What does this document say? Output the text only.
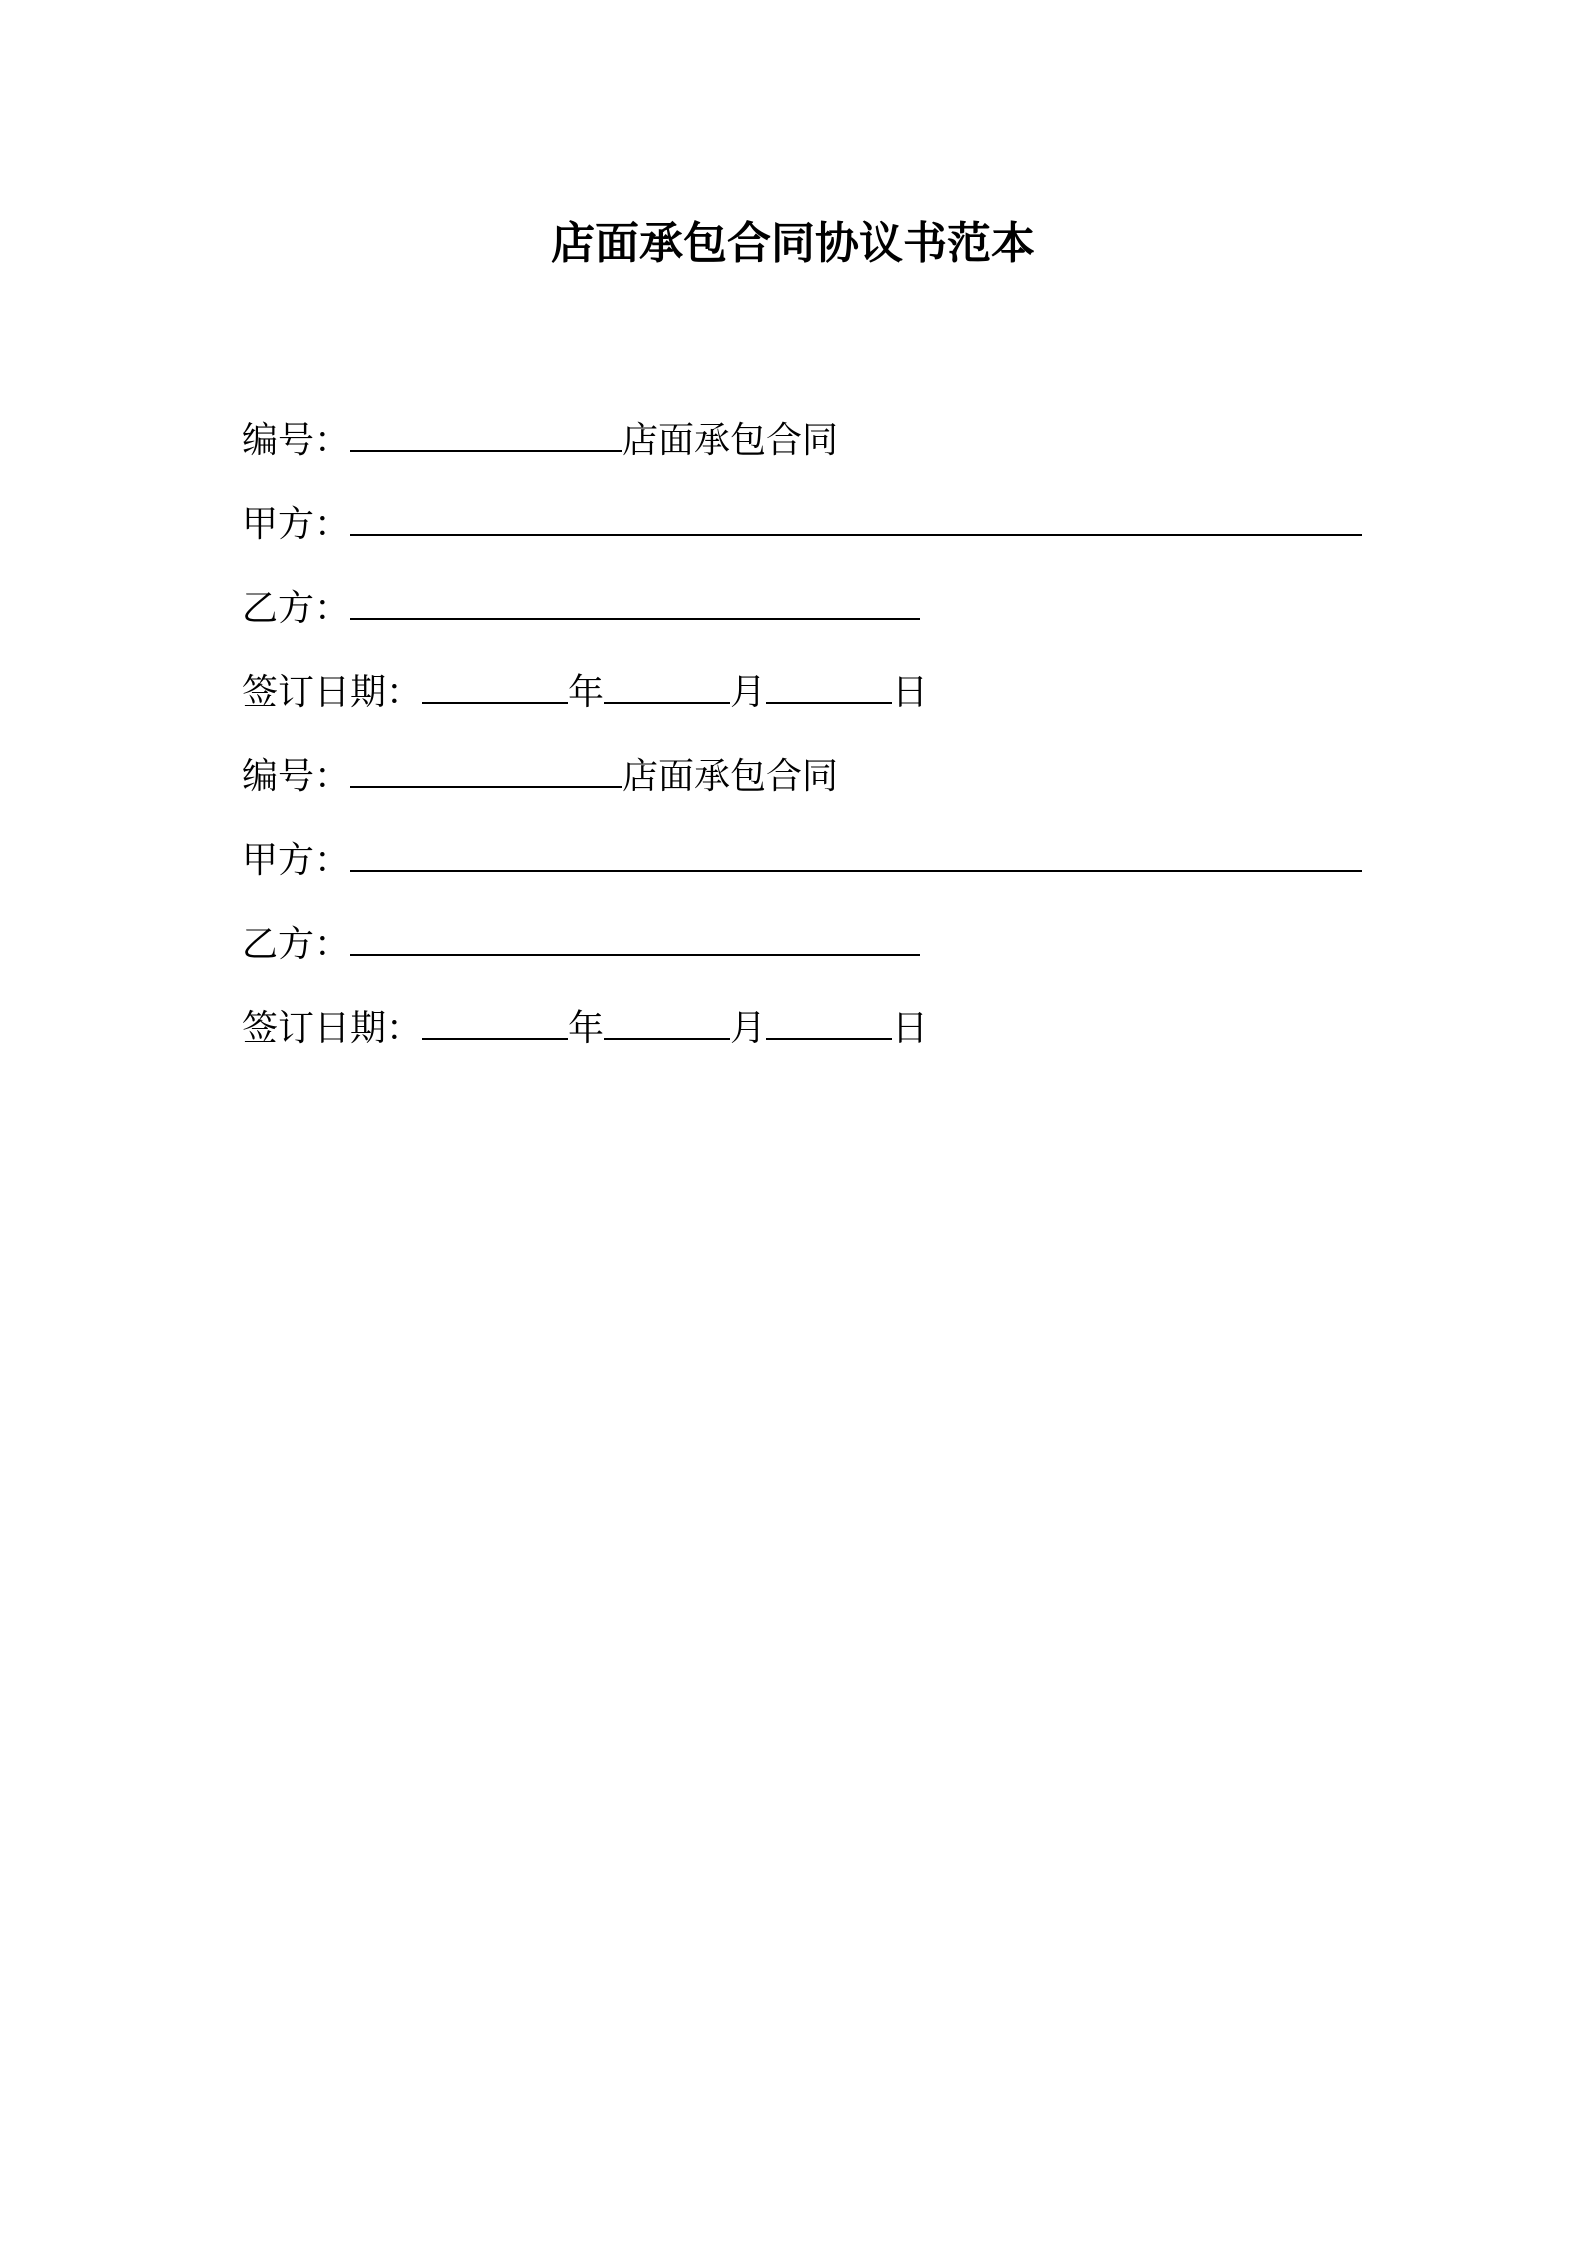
店面承包合同协议书范本
编号：	店面承包合同
甲方：
乙方：
签订日期：	年	月	日
编号：	店面承包合同
甲方：
乙方：
签订日期：	年	月	日
